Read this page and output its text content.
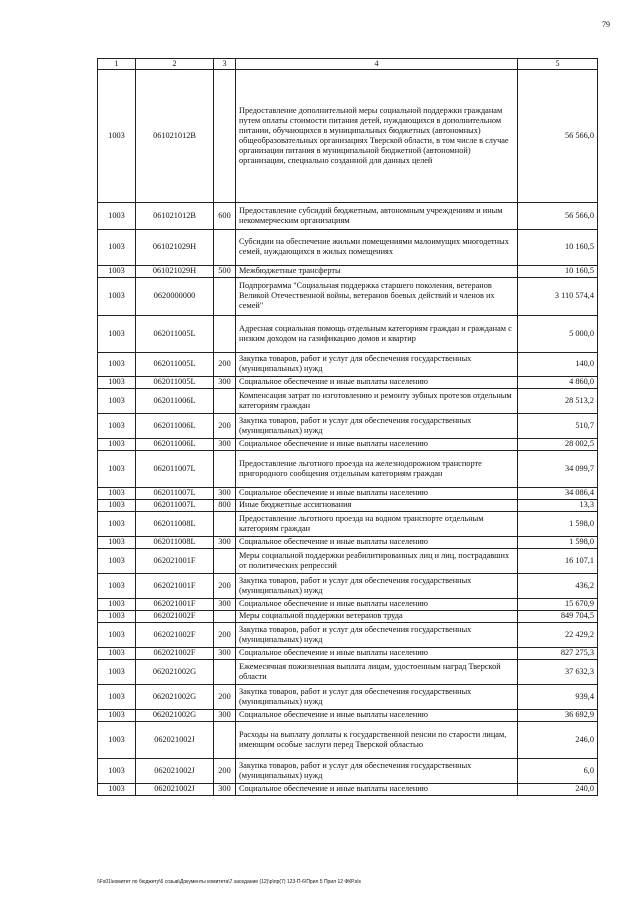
79
1	2	3	4	5
1003	061021012В		Предоставление дополнительной меры социальной поддержки гражданам путем оплаты стоимости питания детей, нуждающихся в дополнительном питании, обучающихся в муниципальных бюджетных (автономных) общеобразовательных организациях Тверской области, в том числе в случае организации питания в муниципальной бюджетной (автономной) организации, специально созданной для данных целей	56 566,0
1003	061021012В	600	Предоставление субсидий бюджетным, автономным учреждениям и иным некоммерческим организациям	56 566,0
1003	061021029Н		Субсидии на обеспечение жильми помещениями малоимущих многодетных семей, нуждающихся в жилых помещениях	10 160,5
1003	061021029Н	500	Межбюджетные трансферты	10 160,5
1003	0620000000		Подпрограмма "Социальная поддержка старшего поколения, ветеранов Великой Отечественной войны, ветеранов боевых действий и членов их семей"	3 110 574,4
1003	062011005L		Адресная социальная помощь отдельным категориям граждан и гражданам с низким доходом на газификацию домов и квартир	5 000,0
1003	062011005L	200	Закупка товаров, работ и услуг для обеспечения государственных (муниципальных) нужд	140,0
1003	062011005L	300	Социальное обеспечение и иные выплаты населению	4 860,0
1003	062011006L		Компенсация затрат по изготовлению и ремонту зубных протезов отдельным категориям граждан	28 513,2
1003	062011006L	200	Закупка товаров, работ и услуг для обеспечения государственных (муниципальных) нужд	510,7
1003	062011006L	300	Социальное обеспечение и иные выплаты населению	28 002,5
1003	062011007L		Предоставление льготного проезда на железнодорожном транспорте пригородного сообщения отдельным категориям граждан	34 099,7
1003	062011007L	300	Социальное обеспечение и иные выплаты населению	34 086,4
1003	062011007L	800	Иные бюджетные ассигнования	13,3
1003	062011008L		Предоставление льготного проезда на водном транспорте отдельным категориям граждан	1 598,0
1003	062011008L	300	Социальное обеспечение и иные выплаты населению	1 598,0
1003	062021001F		Меры социальной поддержки реабилитированных лиц и лиц, пострадавших от политических репрессий	16 107,1
1003	062021001F	200	Закупка товаров, работ и услуг для обеспечения государственных (муниципальных) нужд	436,2
1003	062021001F	300	Социальное обеспечение и иные выплаты населению	15 670,9
1003	062021002F		Меры социальной поддержки ветеранов труда	849 704,5
1003	062021002F	200	Закупка товаров, работ и услуг для обеспечения государственных (муниципальных) нужд	22 429,2
1003	062021002F	300	Социальное обеспечение и иные выплаты населению	827 275,3
1003	062021002G		Ежемесячная пожизненная выплата лицам, удостоенным наград Тверской области	37 632,3
1003	062021002G	200	Закупка товаров, работ и услуг для обеспечения государственных (муниципальных) нужд	939,4
1003	062021002G	300	Социальное обеспечение и иные выплаты населению	36 692,9
1003	062021002J		Расходы на выплату доплаты к государственной пенсии по старости лицам, имеющим особые заслуги перед Тверской областью	246,0
1003	062021002J	200	Закупка товаров, работ и услуг для обеспечения государственных (муниципальных) нужд	6,0
1003	062021002J	300	Социальное обеспечение и иные выплаты населению	240,0
\\Fs01\комитет по бюджету\6 созыв\Документы комитета\7 заседание (12)\р\пр(7) 123-П-6\Прил 5 Прил 12 ФКР.xls
